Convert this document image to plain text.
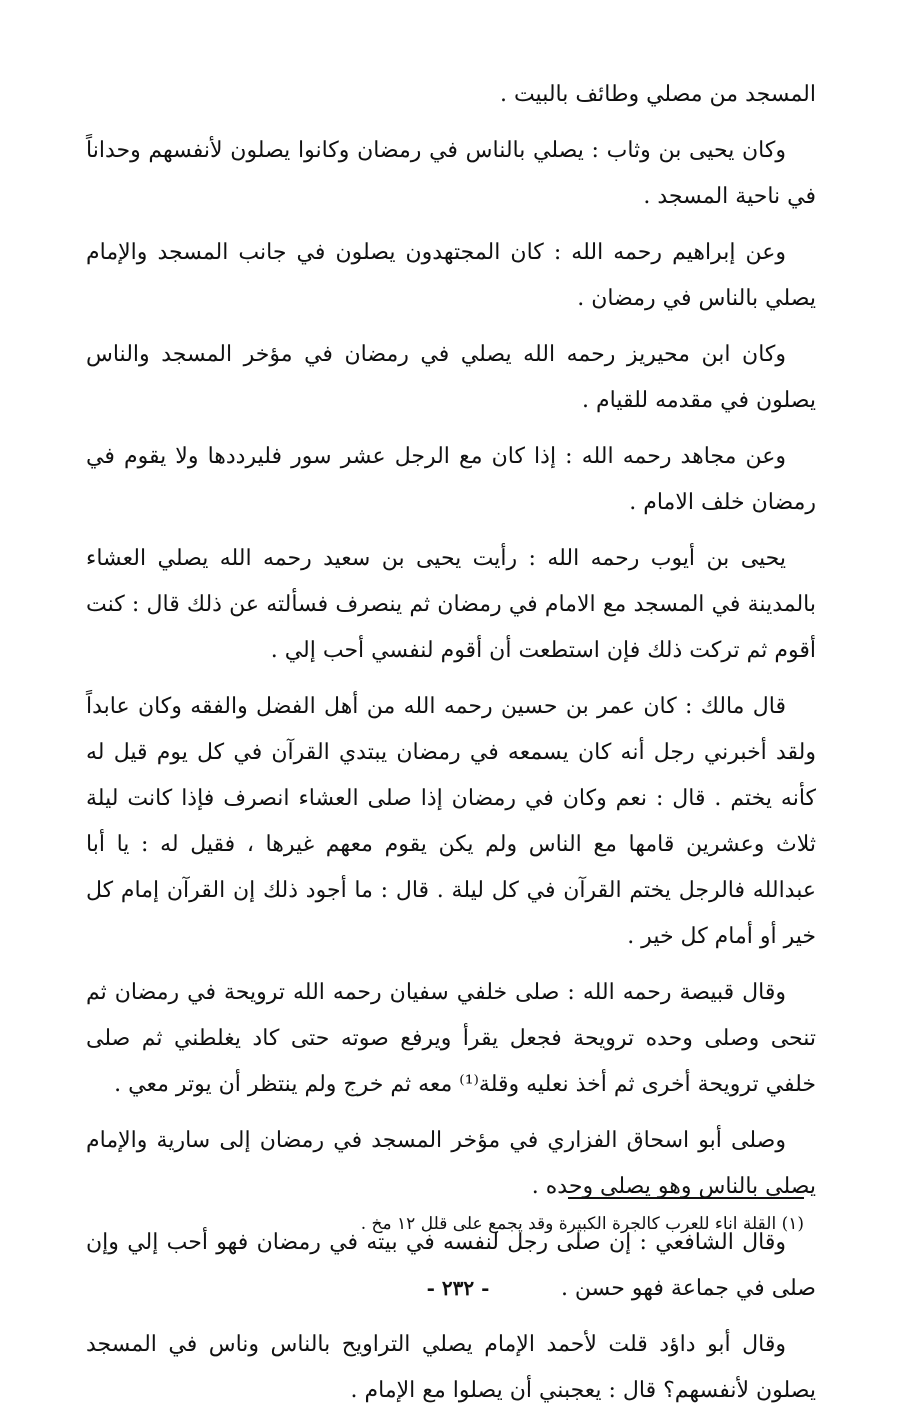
المسجد من مصلي وطائف بالبيت .

وكان يحيى بن وثاب : يصلي بالناس في رمضان وكانوا يصلون لأنفسهم وحداناً في ناحية المسجد .

وعن إبراهيم رحمه الله : كان المجتهدون يصلون في جانب المسجد والإمام يصلي بالناس في رمضان .

وكان ابن محيريز رحمه الله يصلي في رمضان في مؤخر المسجد والناس يصلون في مقدمه للقيام .

وعن مجاهد رحمه الله : إذا كان مع الرجل عشر سور فليرددها ولا يقوم في رمضان خلف الامام .

يحيى بن أيوب رحمه الله : رأيت يحيى بن سعيد رحمه الله يصلي العشاء بالمدينة في المسجد مع الامام في رمضان ثم ينصرف فسألته عن ذلك قال : كنت أقوم ثم تركت ذلك فإن استطعت أن أقوم لنفسي أحب إلي .

قال مالك : كان عمر بن حسين رحمه الله من أهل الفضل والفقه وكان عابداً ولقد أخبرني رجل أنه كان يسمعه في رمضان يبتدي القرآن في كل يوم قيل له كأنه يختم . قال : نعم وكان في رمضان إذا صلى العشاء انصرف فإذا كانت ليلة ثلاث وعشرين قامها مع الناس ولم يكن يقوم معهم غيرها ، فقيل له : يا أبا عبدالله فالرجل يختم القرآن في كل ليلة . قال : ما أجود ذلك إن القرآن إمام كل خير أو أمام كل خير .

وقال قبيصة رحمه الله : صلى خلفي سفيان رحمه الله ترويحة في رمضان ثم تنحى وصلى وحده ترويحة فجعل يقرأ ويرفع صوته حتى كاد يغلطني ثم صلى خلفي ترويحة أخرى ثم أخذ نعليه وقلة⁽¹⁾ معه ثم خرج ولم ينتظر أن يوتر معي .

وصلى أبو اسحاق الفزاري في مؤخر المسجد في رمضان إلى سارية والإمام يصلي بالناس وهو يصلي وحده .

وقال الشافعي : إن صلى رجل لنفسه في بيته في رمضان فهو أحب إلي وإن صلى في جماعة فهو حسن .

وقال أبو داؤد قلت لأحمد الإمام يصلي التراويح بالناس وناس في المسجد يصلون لأنفسهم؟ قال : يعجبني أن يصلوا مع الإمام .

(١) القلة اناء للعرب كالجرة الكبيرة وقد يجمع على قلل ١٢ مخ .
- ٢٣٢ -
